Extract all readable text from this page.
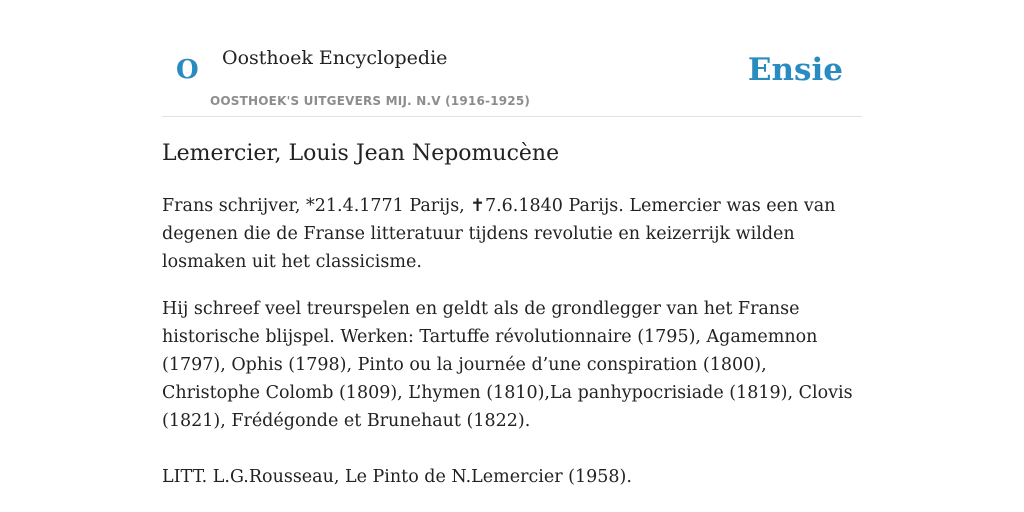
O Oosthoek Encyclopedie
OOSTHOEK'S UITGEVERS MIJ. N.V (1916-1925)
Ensie
Lemercier, Louis Jean Nepomucène

Frans schrijver, *21.4.1771 Parijs, ✝7.6.1840 Parijs. Lemercier was een van degenen die de Franse litteratuur tijdens revolutie en keizerrijk wilden losmaken uit het classicisme.

Hij schreef veel treurspelen en geldt als de grondlegger van het Franse historische blijspel. Werken: Tartuffe révolutionnaire (1795), Agamemnon (1797), Ophis (1798), Pinto ou la journée d’une conspiration (1800), Christophe Colomb (1809), L’hymen (1810),La panhypocrisiade (1819), Clovis (1821), Frédégonde et Brunehaut (1822).

LITT. L.G.Rousseau, Le Pinto de N.Lemercier (1958).
